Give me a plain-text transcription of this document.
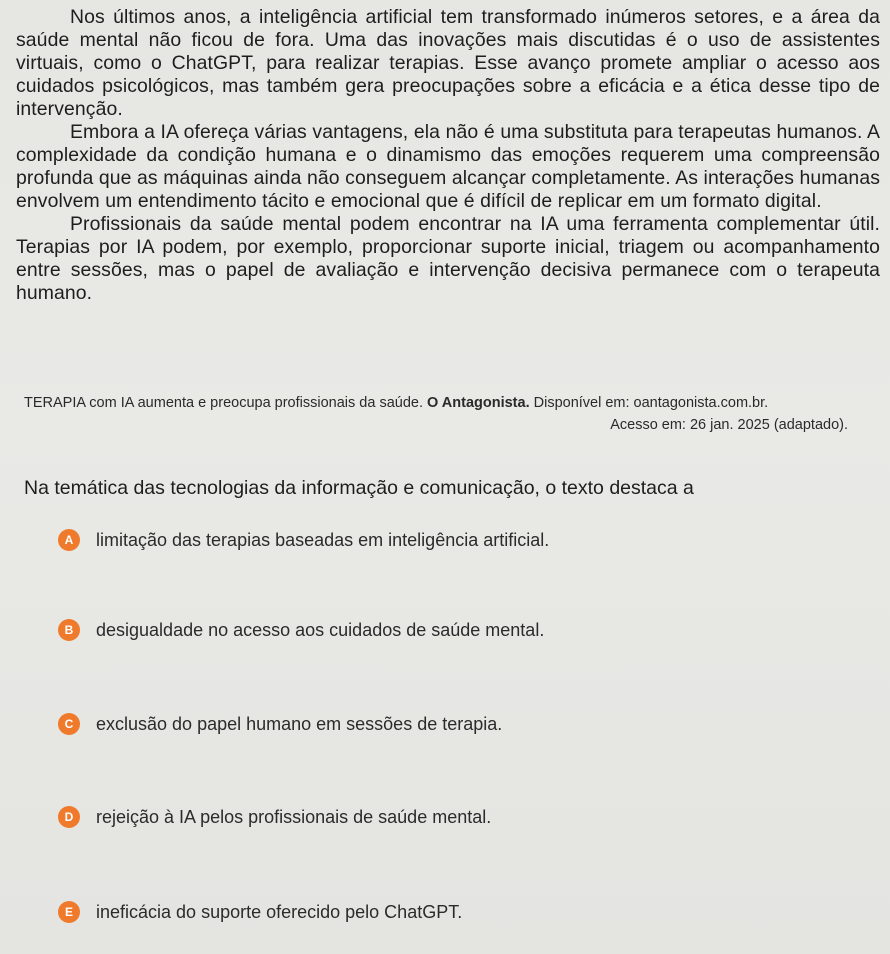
Nos últimos anos, a inteligência artificial tem transformado inúmeros setores, e a área da saúde mental não ficou de fora. Uma das inovações mais discutidas é o uso de assistentes virtuais, como o ChatGPT, para realizar terapias. Esse avanço promete ampliar o acesso aos cuidados psicológicos, mas também gera preocupações sobre a eficácia e a ética desse tipo de intervenção.

Embora a IA ofereça várias vantagens, ela não é uma substituta para terapeutas humanos. A complexidade da condição humana e o dinamismo das emoções requerem uma compreensão profunda que as máquinas ainda não conseguem alcançar completamente. As interações humanas envolvem um entendimento tácito e emocional que é difícil de replicar em um formato digital.

Profissionais da saúde mental podem encontrar na IA uma ferramenta complementar útil. Terapias por IA podem, por exemplo, proporcionar suporte inicial, triagem ou acompanhamento entre sessões, mas o papel de avaliação e intervenção decisiva permanece com o terapeuta humano.

TERAPIA com IA aumenta e preocupa profissionais da saúde. O Antagonista. Disponível em: oantagonista.com.br.
Acesso em: 26 jan. 2025 (adaptado).
Na temática das tecnologias da informação e comunicação, o texto destaca a
A	limitação das terapias baseadas em inteligência artificial.
B	desigualdade no acesso aos cuidados de saúde mental.
C	exclusão do papel humano em sessões de terapia.
D	rejeição à IA pelos profissionais de saúde mental.
E	ineficácia do suporte oferecido pelo ChatGPT.
